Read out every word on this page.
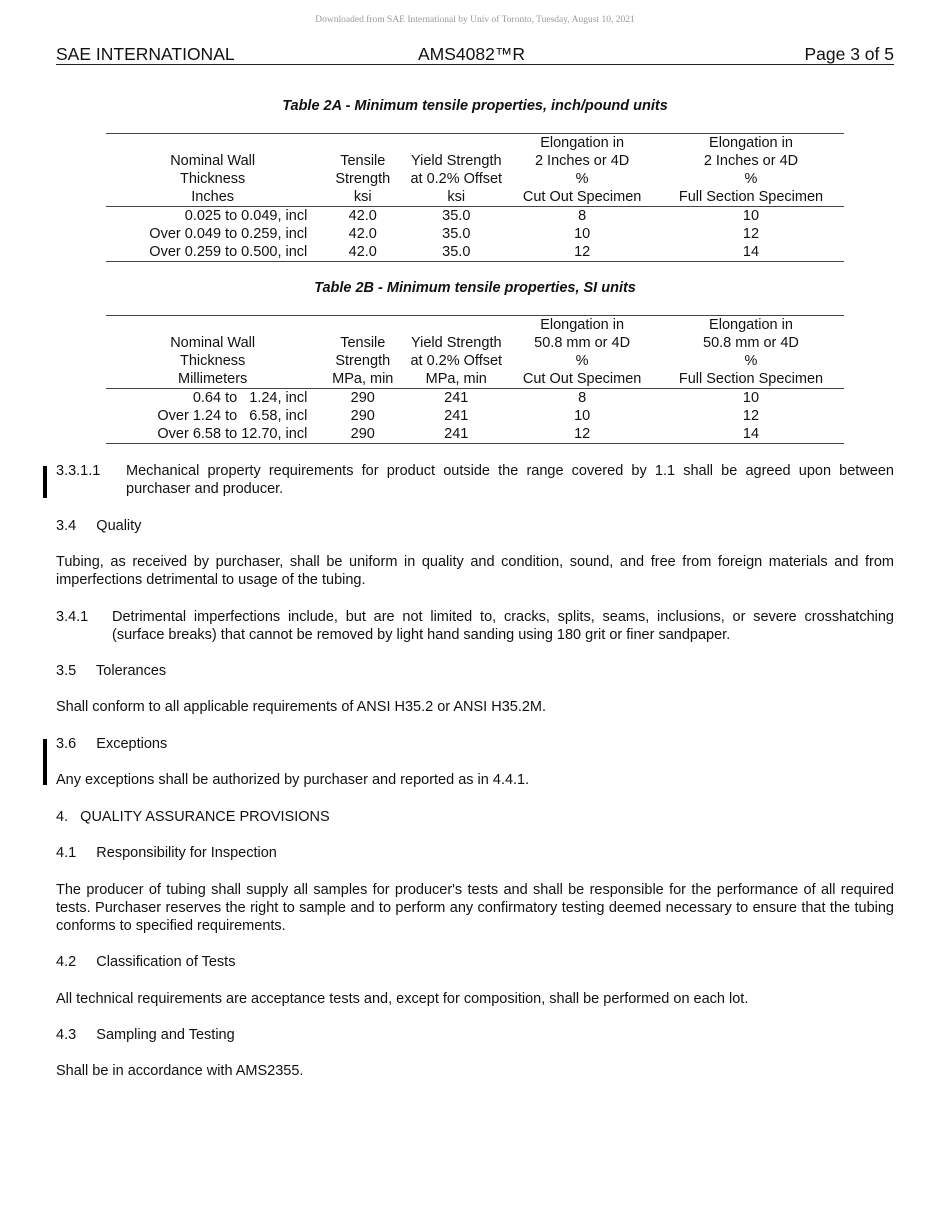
Downloaded from SAE International by Univ of Toronto, Tuesday, August 10, 2021
SAE INTERNATIONAL	AMS4082™R	Page 3 of 5
Table 2A - Minimum tensile properties, inch/pound units
			Elongation in	Elongation in
Nominal Wall	Tensile	Yield Strength	2 Inches or 4D	2 Inches or 4D
Thickness	Strength	at 0.2% Offset	%	%
Inches	ksi	ksi	Cut Out Specimen	Full Section Specimen
0.025 to 0.049, incl	42.0	35.0	8	10
Over 0.049 to 0.259, incl	42.0	35.0	10	12
Over 0.259 to 0.500, incl	42.0	35.0	12	14
Table 2B - Minimum tensile properties, SI units
			Elongation in	Elongation in
Nominal Wall	Tensile	Yield Strength	50.8 mm or 4D	50.8 mm or 4D
Thickness	Strength	at 0.2% Offset	%	%
Millimeters	MPa, min	MPa, min	Cut Out Specimen	Full Section Specimen
0.64 to   1.24, incl	290	241	8	10
Over 1.24 to   6.58, incl	290	241	10	12
Over 6.58 to 12.70, incl	290	241	12	14
3.3.1.1 Mechanical property requirements for product outside the range covered by 1.1 shall be agreed upon between purchaser and producer.
3.4     Quality
Tubing, as received by purchaser, shall be uniform in quality and condition, sound, and free from foreign materials and from imperfections detrimental to usage of the tubing.
3.4.1 Detrimental imperfections include, but are not limited to, cracks, splits, seams, inclusions, or severe crosshatching (surface breaks) that cannot be removed by light hand sanding using 180 grit or finer sandpaper.
3.5     Tolerances
Shall conform to all applicable requirements of ANSI H35.2 or ANSI H35.2M.
3.6     Exceptions
Any exceptions shall be authorized by purchaser and reported as in 4.4.1.
4.   QUALITY ASSURANCE PROVISIONS
4.1     Responsibility for Inspection
The producer of tubing shall supply all samples for producer's tests and shall be responsible for the performance of all required tests. Purchaser reserves the right to sample and to perform any confirmatory testing deemed necessary to ensure that the tubing conforms to specified requirements.
4.2     Classification of Tests
All technical requirements are acceptance tests and, except for composition, shall be performed on each lot.
4.3     Sampling and Testing
Shall be in accordance with AMS2355.
